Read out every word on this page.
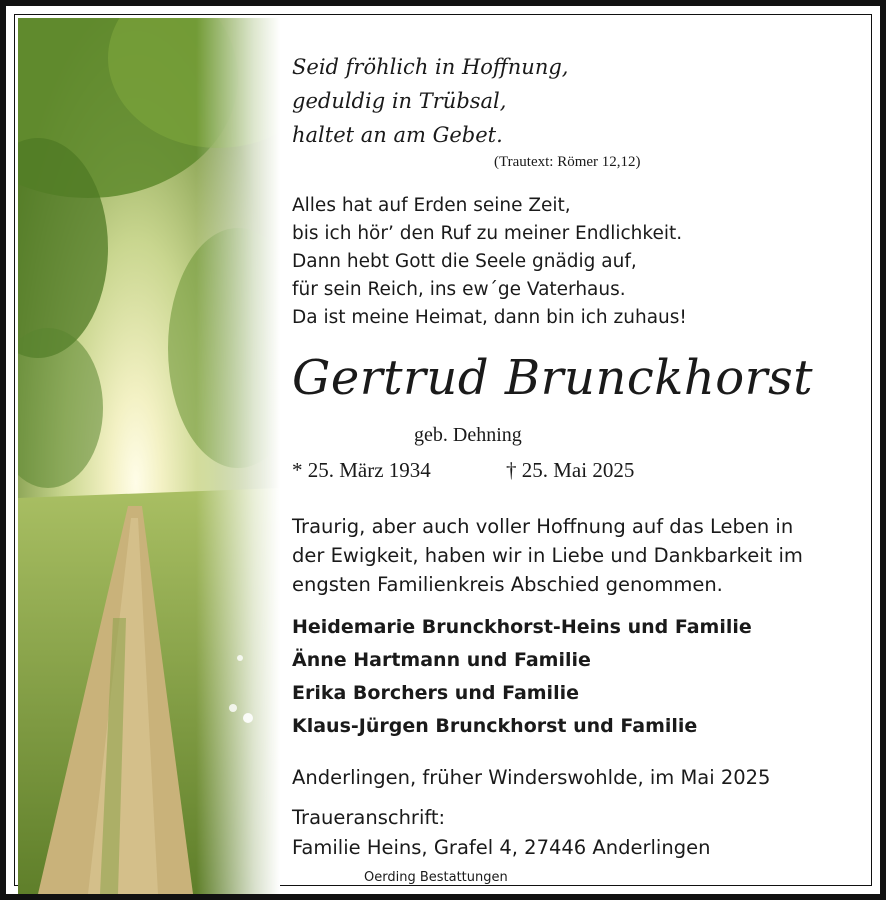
Seid fröhlich in Hoffnung,
geduldig in Trübsal,
haltet an am Gebet.
(Trautext: Römer 12,12)
Alles hat auf Erden seine Zeit,
bis ich hör’ den Ruf zu meiner Endlichkeit.
Dann hebt Gott die Seele gnädig auf,
für sein Reich, ins ew´ge Vaterhaus.
Da ist meine Heimat, dann bin ich zuhaus!
Gertrud Brunckhorst
geb. Dehning
* 25. März 1934	† 25. Mai 2025
Traurig, aber auch voller Hoffnung auf das Leben in
der Ewigkeit, haben wir in Liebe und Dankbarkeit im
engsten Familienkreis Abschied genommen.
Heidemarie Brunckhorst-Heins und Familie
Änne Hartmann und Familie
Erika Borchers und Familie
Klaus-Jürgen Brunckhorst und Familie
Anderlingen, früher Winderswohlde, im Mai 2025
Traueranschrift:
Familie Heins, Grafel 4, 27446 Anderlingen
Oerding Bestattungen
